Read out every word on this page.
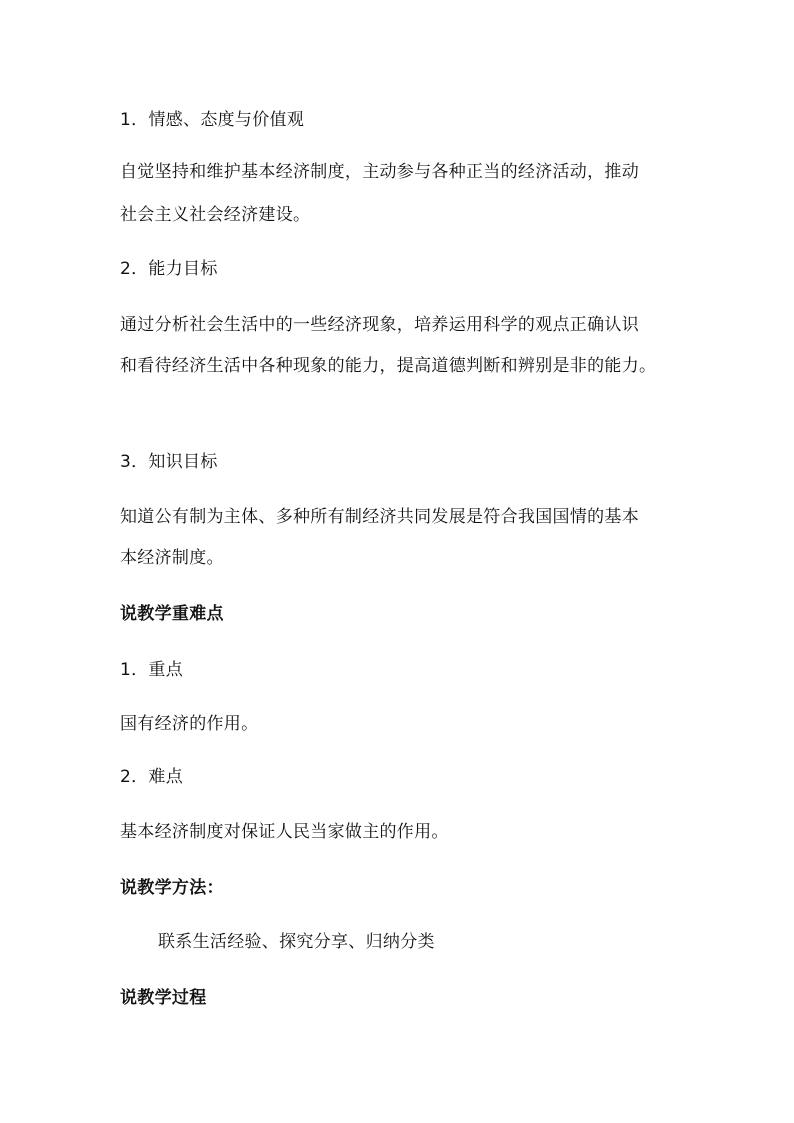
1．情感、态度与价值观
自觉坚持和维护基本经济制度，主动参与各种正当的经济活动，推动
社会主义社会经济建设。
2．能力目标
通过分析社会生活中的一些经济现象，培养运用科学的观点正确认识
和看待经济生活中各种现象的能力，提高道德判断和辨别是非的能力。
3．知识目标
知道公有制为主体、多种所有制经济共同发展是符合我国国情的基本
本经济制度。
说教学重难点
1．重点
国有经济的作用。
2．难点
基本经济制度对保证人民当家做主的作用。
说教学方法：
联系生活经验、探究分享、归纳分类
说教学过程
